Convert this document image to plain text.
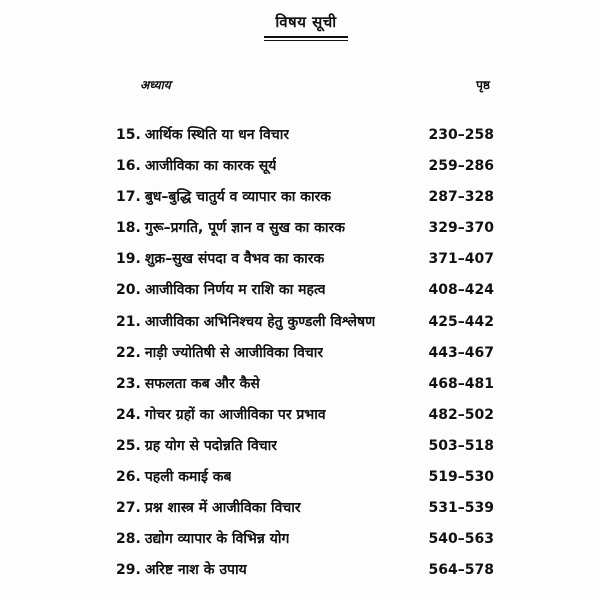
विषय सूची
अध्याय	पृष्ठ
15. आर्थिक स्थिति या धन विचार	230–258
16. आजीविका का कारक सूर्य	259–286
17. बुध–बुद्धि चातुर्य व व्यापार का कारक	287–328
18. गुरू–प्रगति, पूर्ण ज्ञान व सुख का कारक	329–370
19. शुक्र–सुख संपदा व वैभव का कारक	371–407
20. आजीविका निर्णय म राशि का महत्व	408–424
21. आजीविका अभिनिश्चय हेतु कुण्डली विश्लेषण	425–442
22. नाड़ी ज्योतिषी से आजीविका विचार	443–467
23. सफलता कब और कैसे	468–481
24. गोचर ग्रहों का आजीविका पर प्रभाव	482–502
25. ग्रह योग से पदोन्नति विचार	503–518
26. पहली कमाई कब	519–530
27. प्रश्न शास्त्र में आजीविका विचार	531–539
28. उद्योग व्यापार के विभिन्न योग	540–563
29. अरिष्ट नाश के उपाय	564–578
